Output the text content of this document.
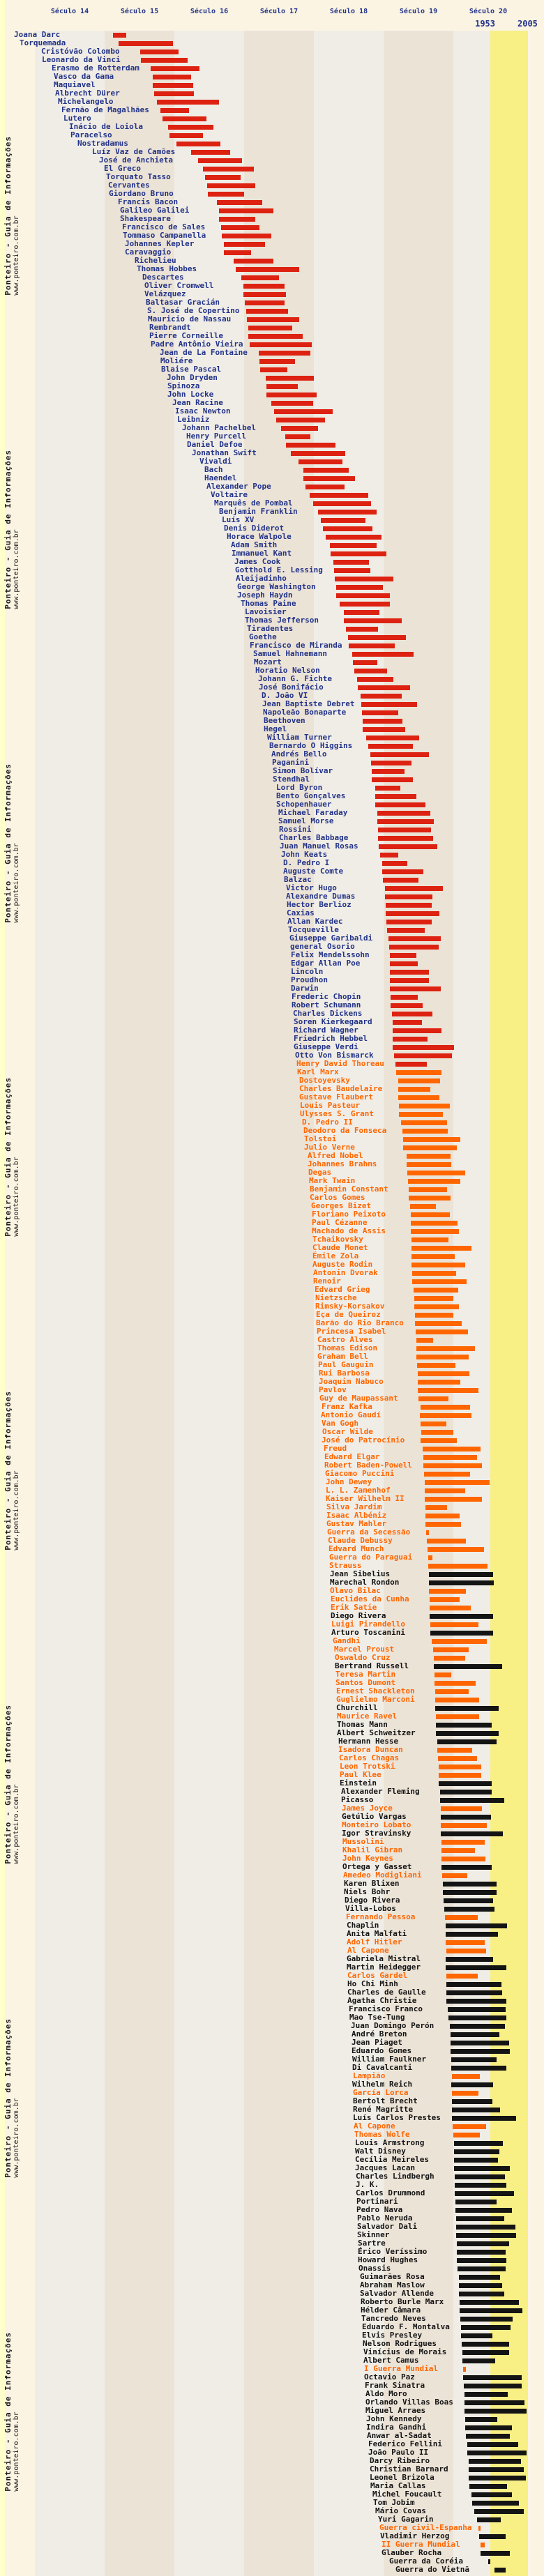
Século 14	Século 15	Século 16	Século 17	Século 18	Século 19	Século 20
1953	2005
Joana Darc
Torquemada
Cristóvão Colombo
Leonardo da Vinci
Erasmo de Rotterdam
Vasco da Gama
Maquiavel
Albrecht Dürer
Michelangelo
Fernão de Magalhães
Lutero
Inácio de Loiola
Paracelso
Nostradamus
Luíz Vaz de Camões
José de Anchieta
El Greco
Torquato Tasso
Cervantes
Giordano Bruno
Francis Bacon
Galileo Galilei
Shakespeare
Francisco de Sales
Tommaso Campanella
Johannes Kepler
Caravaggio
Richelieu
Thomas Hobbes
Descartes
Oliver Cromwell
Velázquez
Baltasar Gracián
S. José de Copertino
Mauricio de Nassau
Rembrandt
Pierre Corneille
Padre Antônio Vieira
Jean de La Fontaine
Moliére
Blaise Pascal
John Dryden
Spinoza
John Locke
Jean Racine
Isaac Newton
Leibniz
Johann Pachelbel
Henry Purcell
Daniel Defoe
Jonathan Swift
Vivaldi
Bach
Haendel
Alexander Pope
Voltaire
Marquês de Pombal
Benjamin Franklin
Luís XV
Denis Diderot
Horace Walpole
Adam Smith
Immanuel Kant
James Cook
Gotthold E. Lessing
Aleijadinho
George Washington
Joseph Haydn
Thomas Paine
Lavoisier
Thomas Jefferson
Tiradentes
Goethe
Francisco de Miranda
Samuel Hahnemann
Mozart
Horatio Nelson
Johann G. Fichte
José Bonifácio
D. João VI
Jean Baptiste Debret
Napoleão Bonaparte
Beethoven
Hegel
William Turner
Bernardo O Higgins
Andrés Bello
Paganini
Simon Bolívar
Stendhal
Lord Byron
Bento Gonçalves
Schopenhauer
Michael Faraday
Samuel Morse
Rossini
Charles Babbage
Juan Manuel Rosas
John Keats
D. Pedro I
Auguste Comte
Balzac
Victor Hugo
Alexandre Dumas
Hector Berlioz
Caxias
Allan Kardec
Tocqueville
Giuseppe Garibaldi
general Osorio
Felix Mendelssohn
Edgar Allan Poe
Lincoln
Proudhon
Darwin
Frederic Chopin
Robert Schumann
Charles Dickens
Soren Kierkegaard
Richard Wagner
Friedrich Hebbel
Giuseppe Verdi
Otto Von Bismarck
Henry David Thoreau
Karl Marx
Dostoyevsky
Charles Baudelaire
Gustave Flaubert
Louis Pasteur
Ulysses S. Grant
D. Pedro II
Deodoro da Fonseca
Tolstoi
Julio Verne
Alfred Nobel
Johannes Brahms
Degas
Mark Twain
Benjamin Constant
Carlos Gomes
Georges Bizet
Floriano Peixoto
Paul Cézanne
Machado de Assis
Tchaikovsky
Claude Monet
Émile Zola
Auguste Rodin
Antonin Dvorak
Renoir
Edvard Grieg
Nietzsche
Rimsky-Korsakov
Eça de Queiroz
Barão do Rio Branco
Princesa Isabel
Castro Alves
Thomas Edison
Graham Bell
Paul Gauguin
Rui Barbosa
Joaquim Nabuco
Pavlov
Guy de Maupassant
Franz Kafka
Antonio Gaudí
Van Gogh
Oscar Wilde
José do Patrocínio
Freud
Edward Elgar
Robert Baden-Powell
Giacomo Puccini
John Dewey
L. L. Zamenhof
Kaiser Wilhelm II
Silva Jardim
Isaac Albéniz
Gustav Mahler
Guerra da Secessão
Claude Debussy
Edvard Munch
Guerra do Paraguai
Strauss
Jean Sibelius
Marechal Rondon
Olavo Bilac
Euclides da Cunha
Erik Satie
Diego Rivera
Luigi Pirandello
Arturo Toscanini
Gandhi
Marcel Proust
Oswaldo Cruz
Bertrand Russell
Teresa Martin
Santos Dumont
Ernest Shackleton
Guglielmo Marconi
Churchill
Maurice Ravel
Thomas Mann
Albert Schweitzer
Hermann Hesse
Isadora Duncan
Carlos Chagas
Leon Trotski
Paul Klee
Einstein
Alexander Fleming
Picasso
James Joyce
Getúlio Vargas
Monteiro Lobato
Igor Stravinsky
Mussolini
Khalil Gibran
John Keynes
Ortega y Gasset
Amedeo Modigliani
Karen Blixen
Niels Bohr
Diego Rivera
Villa-Lobos
Fernando Pessoa
Chaplin
Anita Malfati
Adolf Hitler
Al Capone
Gabriela Mistral
Martin Heidegger
Carlos Gardel
Ho Chi Minh
Charles de Gaulle
Agatha Christie
Francisco Franco
Mao Tse-Tung
Juan Domingo Perón
André Breton
Jean Piaget
Eduardo Gomes
William Faulkner
Di Cavalcanti
Lampião
Wilhelm Reich
García Lorca
Bertolt Brecht
René Magritte
Luís Carlos Prestes
Al Capone
Thomas Wolfe
Louis Armstrong
Walt Disney
Cecília Meireles
Jacques Lacan
Charles Lindbergh
J. K.
Carlos Drummond
Portinari
Pedro Nava
Pablo Neruda
Salvador Dali
Skinner
Sartre
Érico Veríssimo
Howard Hughes
Onassis
Guimarães Rosa
Abraham Maslow
Salvador Allende
Roberto Burle Marx
Hélder Câmara
Tancredo Neves
Eduardo F. Montalva
Elvis Presley
Nelson Rodrigues
Vinícius de Morais
Albert Camus
I Guerra Mundial
Octavio Paz
Frank Sinatra
Aldo Moro
Orlando Villas Boas
Miguel Arraes
John Kennedy
Indira Gandhi
Anwar al-Sadat
Federico Fellini
João Paulo II
Darcy Ribeiro
Christian Barnard
Leonel Brizola
Maria Callas
Michel Foucault
Tom Jobim
Mário Covas
Yuri Gagarin
Guerra civil-Espanha
Vladimir Herzog
II Guerra Mundial
Glauber Rocha
Guerra da Coréia
Guerra do Vietnã
Ponteiro - Guia de Informações www.ponteiro.com.br
Ponteiro - Guia de Informações www.ponteiro.com.br
Ponteiro - Guia de Informações www.ponteiro.com.br
Ponteiro - Guia de Informações www.ponteiro.com.br
Ponteiro - Guia de Informações www.ponteiro.com.br
Ponteiro - Guia de Informações www.ponteiro.com.br
Ponteiro - Guia de Informações www.ponteiro.com.br
Ponteiro - Guia de Informações www.ponteiro.com.br
